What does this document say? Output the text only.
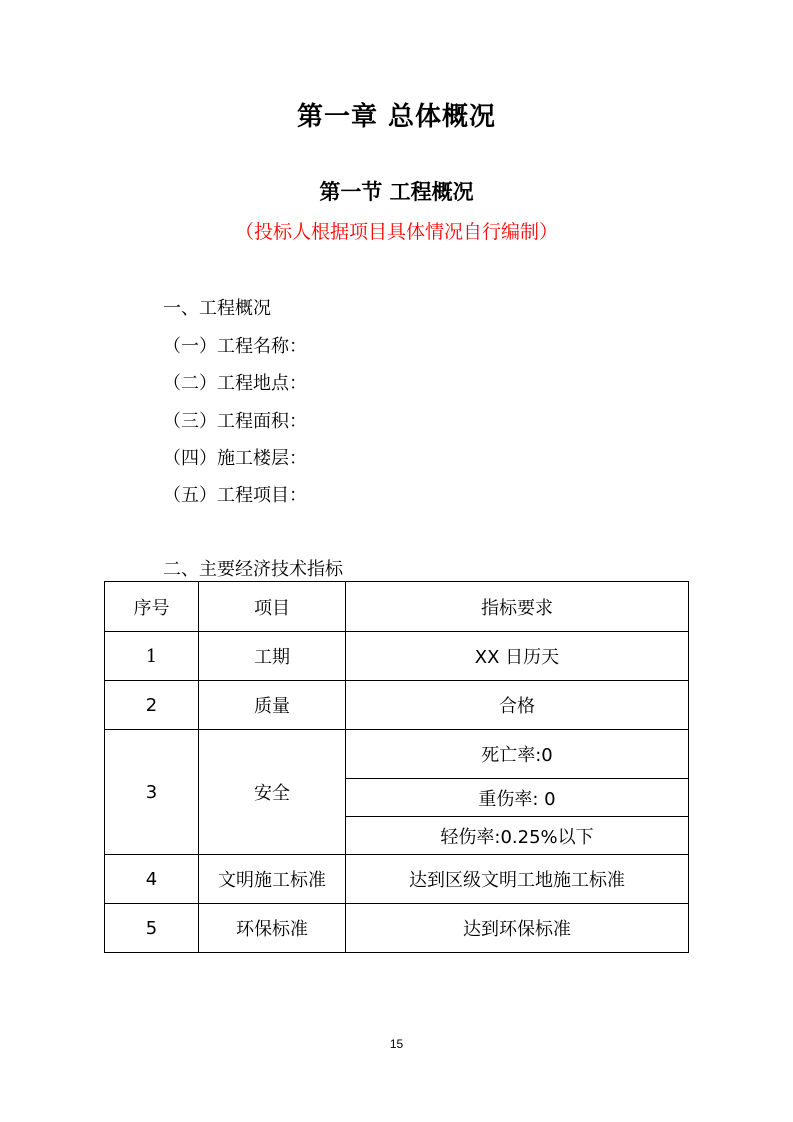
第一章 总体概况
第一节 工程概况
（投标人根据项目具体情况自行编制）
一、工程概况
（一）工程名称：
（二）工程地点：
（三）工程面积：
（四）施工楼层：
（五）工程项目：
二、主要经济技术指标
序号	项目	指标要求
1	工期	XX 日历天
2	质量	合格
3	安全	死亡率:0
		重伤率: 0
		轻伤率:0.25%以下
4	文明施工标准	达到区级文明工地施工标准
5	环保标准	达到环保标准
15
